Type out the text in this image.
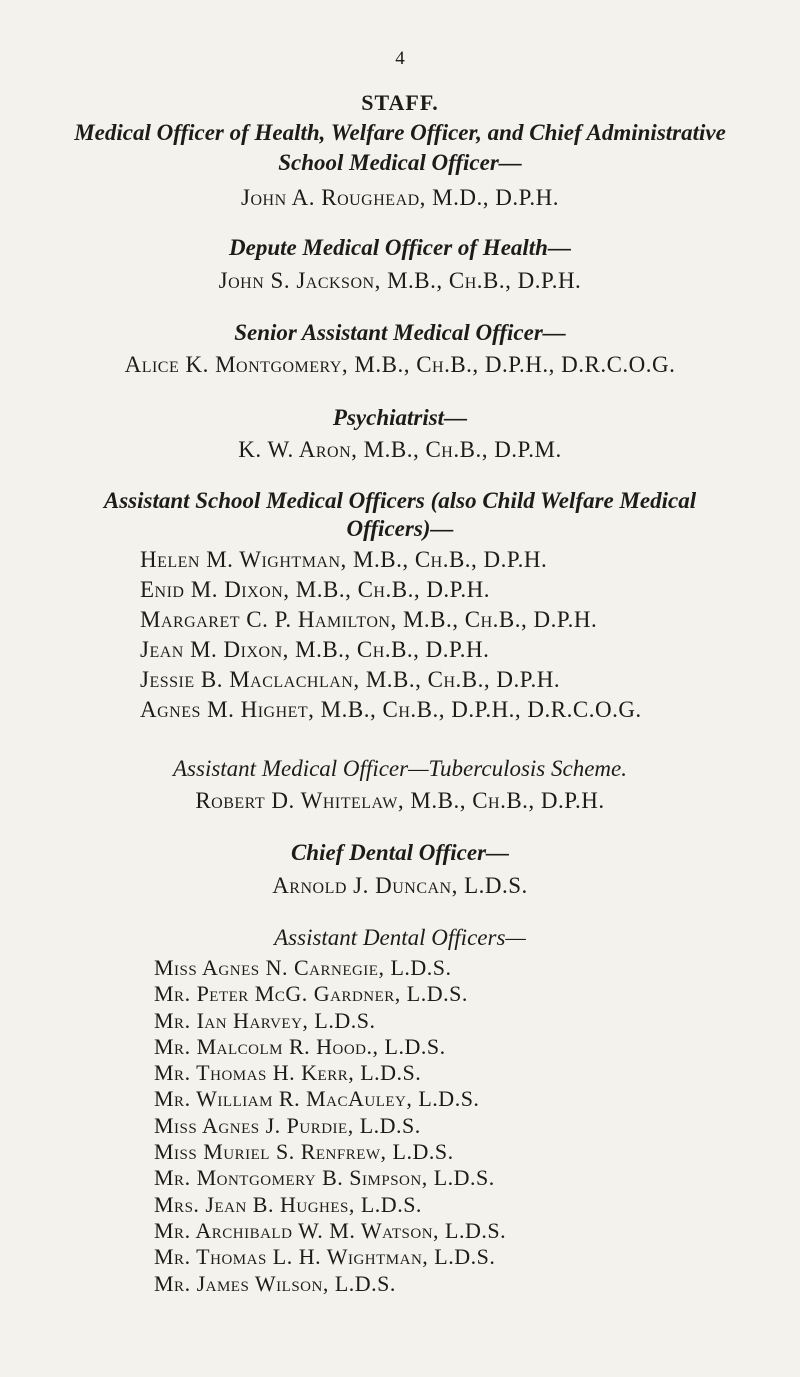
4
STAFF.
Medical Officer of Health, Welfare Officer, and Chief Administrative
School Medical Officer—
John A. Roughead, M.D., D.P.H.
Depute Medical Officer of Health—
John S. Jackson, M.B., Ch.B., D.P.H.
Senior Assistant Medical Officer—
Alice K. Montgomery, M.B., Ch.B., D.P.H., D.R.C.O.G.
Psychiatrist—
K. W. Aron, M.B., Ch.B., D.P.M.
Assistant School Medical Officers (also Child Welfare Medical
Officers)—
Helen M. Wightman, M.B., Ch.B., D.P.H.
Enid M. Dixon, M.B., Ch.B., D.P.H.
Margaret C. P. Hamilton, M.B., Ch.B., D.P.H.
Jean M. Dixon, M.B., Ch.B., D.P.H.
Jessie B. Maclachlan, M.B., Ch.B., D.P.H.
Agnes M. Highet, M.B., Ch.B., D.P.H., D.R.C.O.G.
Assistant Medical Officer—Tuberculosis Scheme.
Robert D. Whitelaw, M.B., Ch.B., D.P.H.
Chief Dental Officer—
Arnold J. Duncan, L.D.S.
Assistant Dental Officers—
Miss Agnes N. Carnegie, L.D.S.
Mr. Peter McG. Gardner, L.D.S.
Mr. Ian Harvey, L.D.S.
Mr. Malcolm R. Hood., L.D.S.
Mr. Thomas H. Kerr, L.D.S.
Mr. William R. MacAuley, L.D.S.
Miss Agnes J. Purdie, L.D.S.
Miss Muriel S. Renfrew, L.D.S.
Mr. Montgomery B. Simpson, L.D.S.
Mrs. Jean B. Hughes, L.D.S.
Mr. Archibald W. M. Watson, L.D.S.
Mr. Thomas L. H. Wightman, L.D.S.
Mr. James Wilson, L.D.S.
